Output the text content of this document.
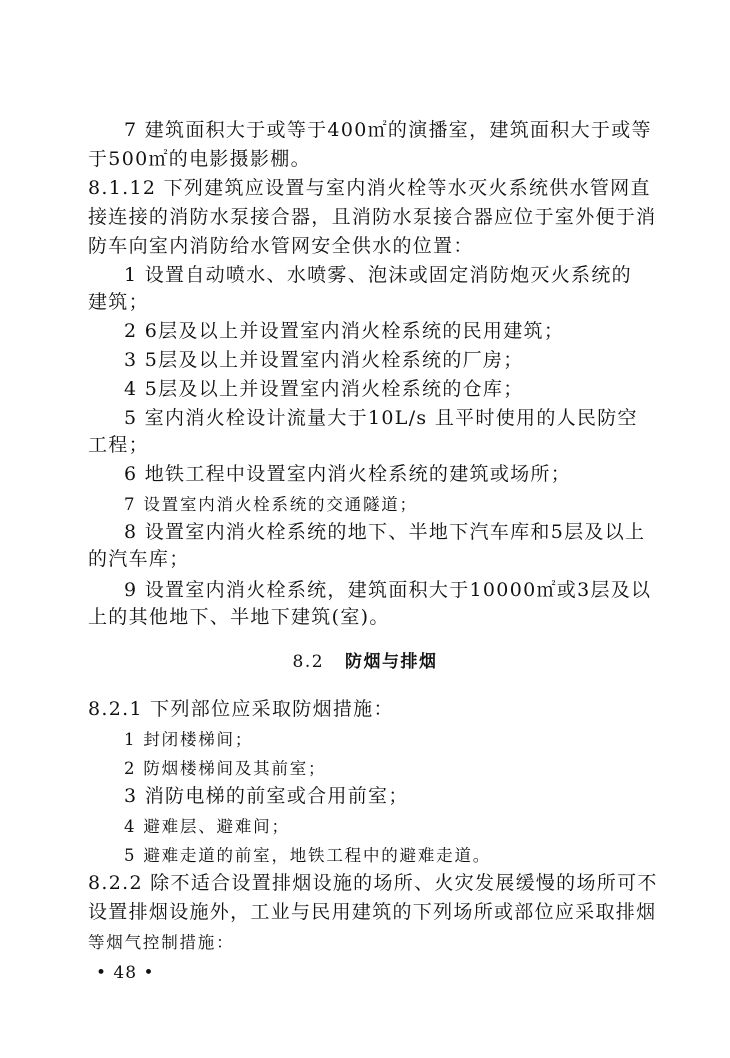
7 建筑面积大于或等于400㎡的演播室，建筑面积大于或等
于500㎡的电影摄影棚。
8.1.12 下列建筑应设置与室内消火栓等水灭火系统供水管网直
接连接的消防水泵接合器，且消防水泵接合器应位于室外便于消
防车向室内消防给水管网安全供水的位置：
1 设置自动喷水、水喷雾、泡沫或固定消防炮灭火系统的
建筑；
2 6层及以上并设置室内消火栓系统的民用建筑；
3 5层及以上并设置室内消火栓系统的厂房；
4 5层及以上并设置室内消火栓系统的仓库；
5 室内消火栓设计流量大于10L/s 且平时使用的人民防空
工程；
6 地铁工程中设置室内消火栓系统的建筑或场所；
7 设置室内消火栓系统的交通隧道；
8 设置室内消火栓系统的地下、半地下汽车库和5层及以上
的汽车库；
9 设置室内消火栓系统，建筑面积大于10000㎡或3层及以
上的其他地下、半地下建筑(室)。
8.2 防烟与排烟
8.2.1 下列部位应采取防烟措施：
1 封闭楼梯间；
2 防烟楼梯间及其前室；
3 消防电梯的前室或合用前室；
4 避难层、避难间；
5 避难走道的前室，地铁工程中的避难走道。
8.2.2 除不适合设置排烟设施的场所、火灾发展缓慢的场所可不
设置排烟设施外，工业与民用建筑的下列场所或部位应采取排烟
等烟气控制措施：
• 48 •
